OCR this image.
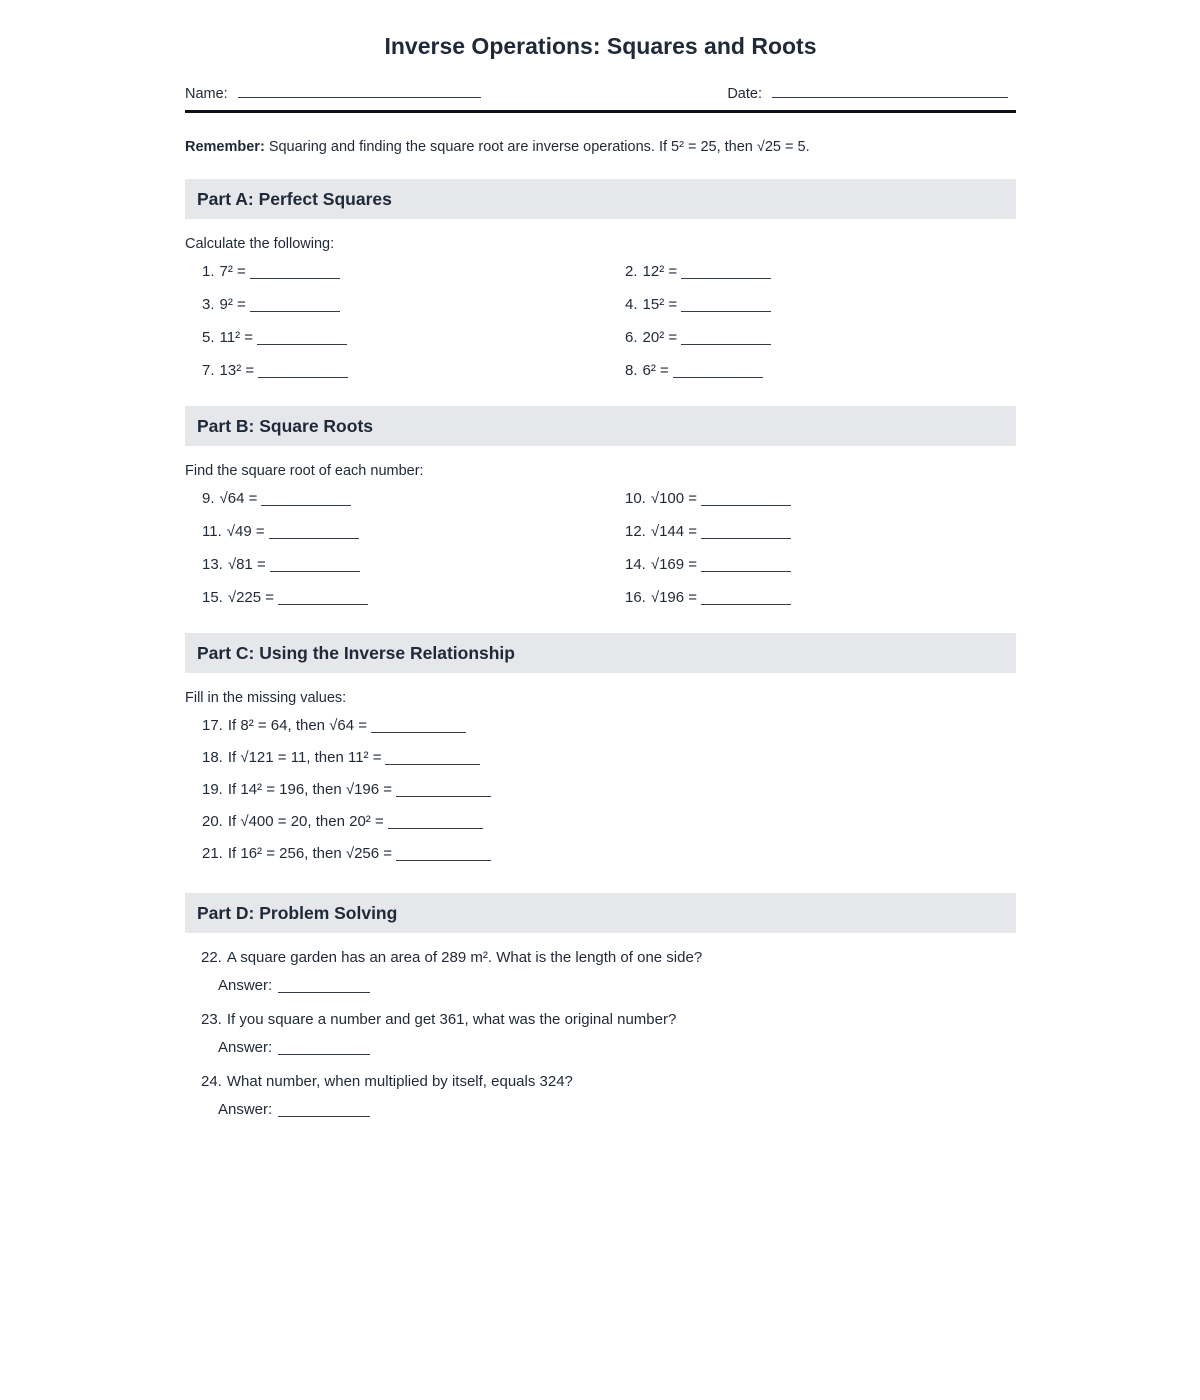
Inverse Operations: Squares and Roots
Name:	Date:
Remember: Squaring and finding the square root are inverse operations. If 5² = 25, then √25 = 5.
Part A: Perfect Squares
Calculate the following:
1. 7² =	2. 12² =
3. 9² =	4. 15² =
5. 11² =	6. 20² =
7. 13² =	8. 6² =
Part B: Square Roots
Find the square root of each number:
9. √64 =	10. √100 =
11. √49 =	12. √144 =
13. √81 =	14. √169 =
15. √225 =	16. √196 =
Part C: Using the Inverse Relationship
Fill in the missing values:
17. If 8² = 64, then √64 =
18. If √121 = 11, then 11² =
19. If 14² = 196, then √196 =
20. If √400 = 20, then 20² =
21. If 16² = 256, then √256 =
Part D: Problem Solving
22. A square garden has an area of 289 m². What is the length of one side?
Answer:
23. If you square a number and get 361, what was the original number?
Answer:
24. What number, when multiplied by itself, equals 324?
Answer:
